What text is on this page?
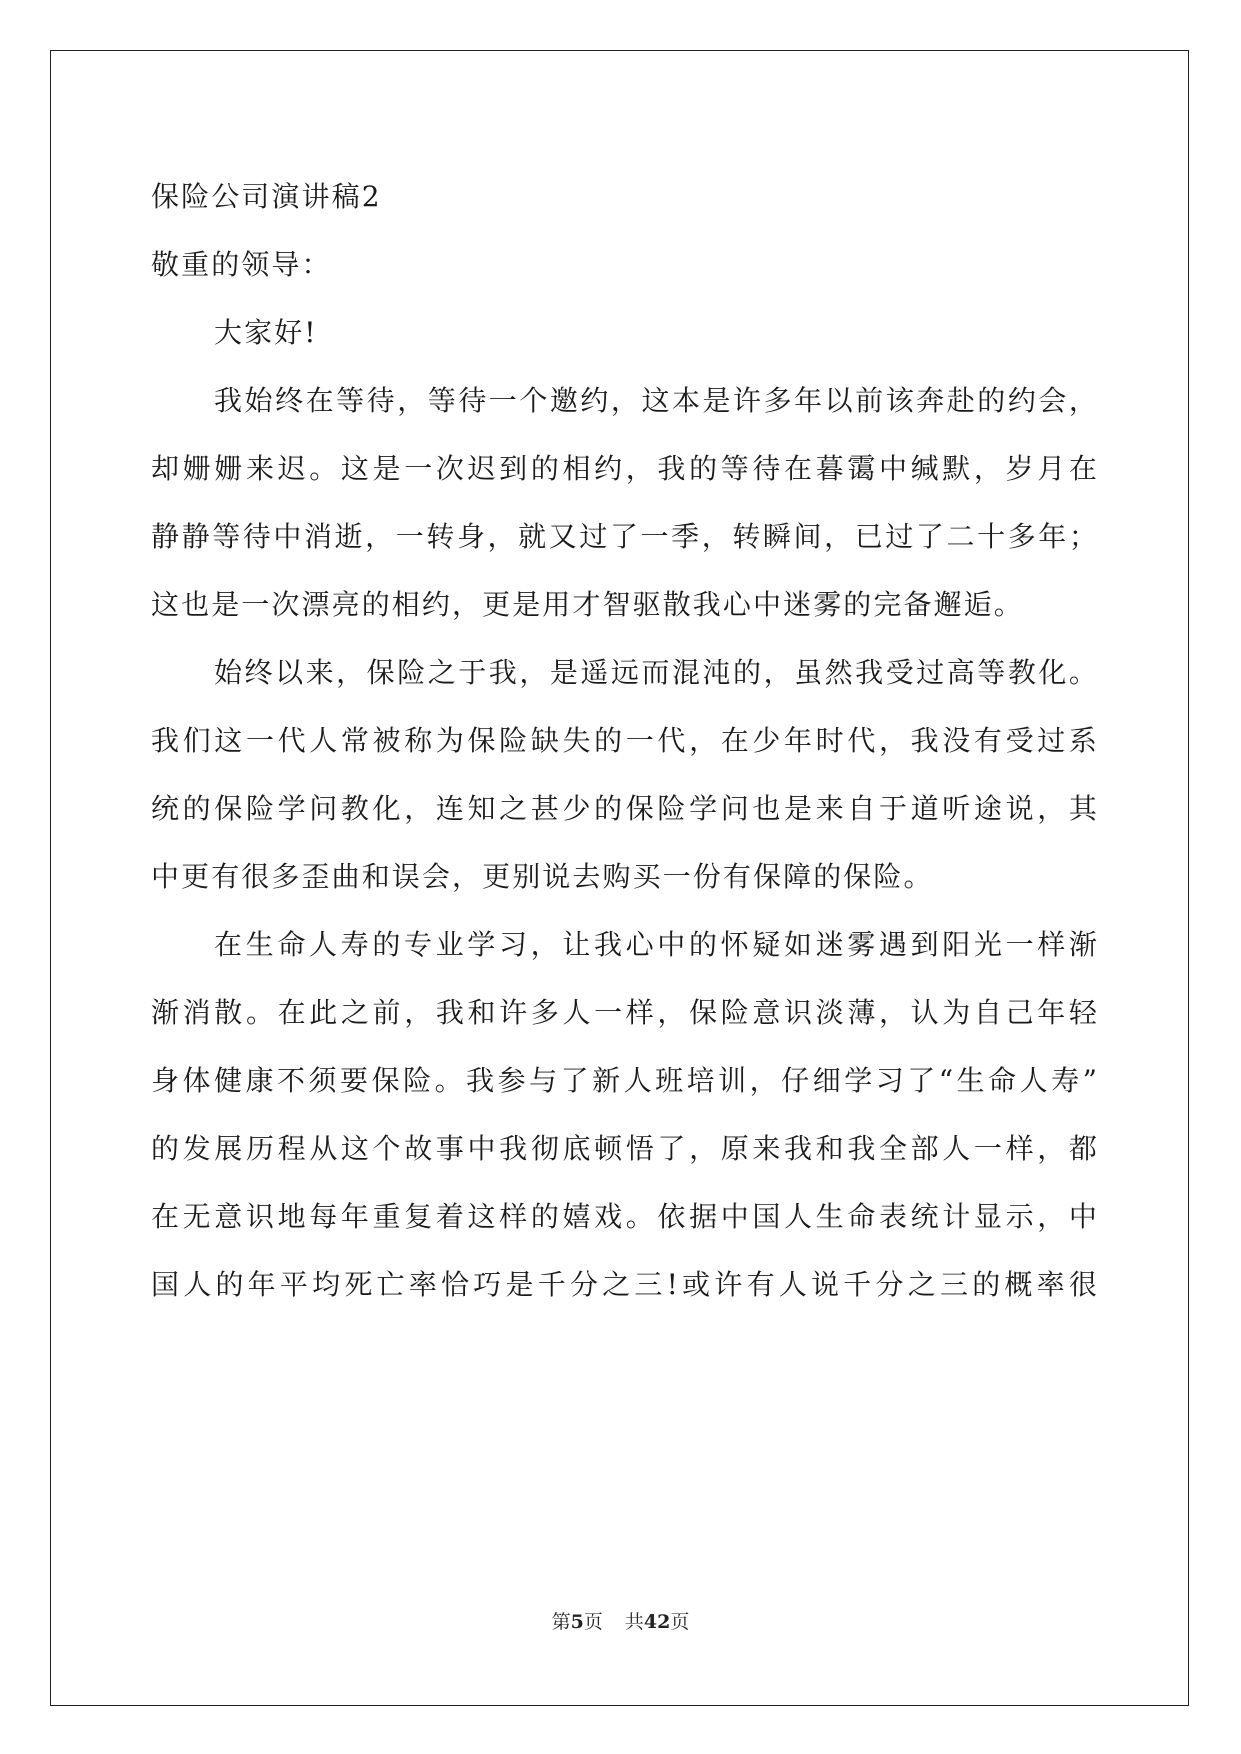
保险公司演讲稿2
敬重的领导：
大家好!
我始终在等待，等待一个邀约，这本是许多年以前该奔赴的约会，
却姗姗来迟。这是一次迟到的相约，我的等待在暮霭中缄默，岁月在
静静等待中消逝，一转身，就又过了一季，转瞬间，已过了二十多年；
这也是一次漂亮的相约，更是用才智驱散我心中迷雾的完备邂逅。
始终以来，保险之于我，是遥远而混沌的，虽然我受过高等教化。
我们这一代人常被称为保险缺失的一代，在少年时代，我没有受过系
统的保险学问教化，连知之甚少的保险学问也是来自于道听途说，其
中更有很多歪曲和误会，更别说去购买一份有保障的保险。
在生命人寿的专业学习，让我心中的怀疑如迷雾遇到阳光一样渐
渐消散。在此之前，我和许多人一样，保险意识淡薄，认为自己年轻
身体健康不须要保险。我参与了新人班培训，仔细学习了“生命人寿”
的发展历程从这个故事中我彻底顿悟了，原来我和我全部人一样，都
在无意识地每年重复着这样的嬉戏。依据中国人生命表统计显示，中
国人的年平均死亡率恰巧是千分之三!或许有人说千分之三的概率很
第5页 共42页
